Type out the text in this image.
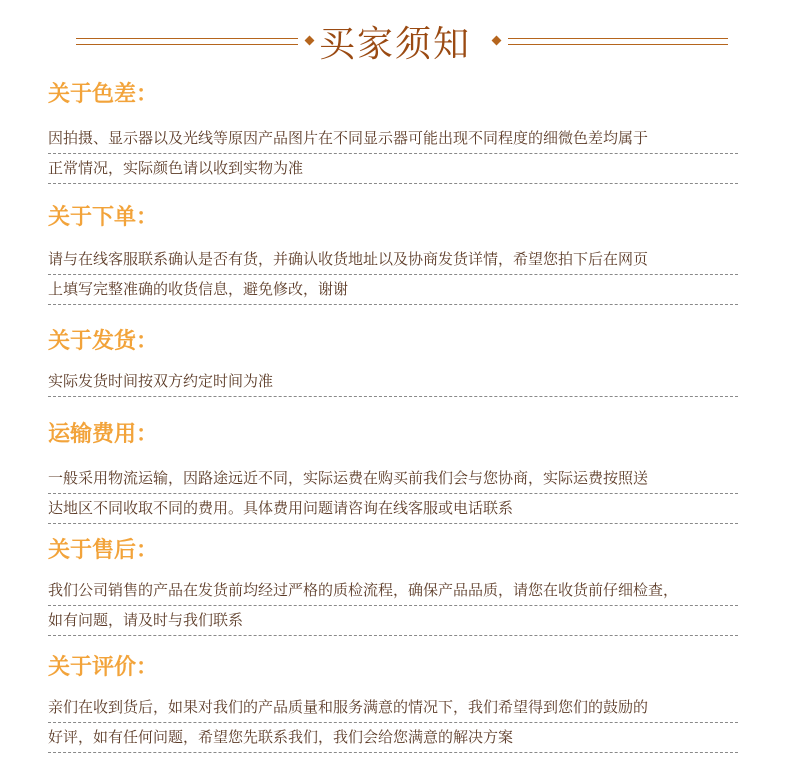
买家须知
关于色差：
因拍摄、显示器以及光线等原因产品图片在不同显示器可能出现不同程度的细微色差均属于
正常情况，实际颜色请以收到实物为准
关于下单：
请与在线客服联系确认是否有货，并确认收货地址以及协商发货详情，希望您拍下后在网页
上填写完整准确的收货信息，避免修改，谢谢
关于发货：
实际发货时间按双方约定时间为准
运输费用：
一般采用物流运输，因路途远近不同，实际运费在购买前我们会与您协商，实际运费按照送
达地区不同收取不同的费用。具体费用问题请咨询在线客服或电话联系
关于售后：
我们公司销售的产品在发货前均经过严格的质检流程，确保产品品质，请您在收货前仔细检查，
如有问题，请及时与我们联系
关于评价：
亲们在收到货后，如果对我们的产品质量和服务满意的情况下，我们希望得到您们的鼓励的
好评，如有任何问题，希望您先联系我们，我们会给您满意的解决方案
